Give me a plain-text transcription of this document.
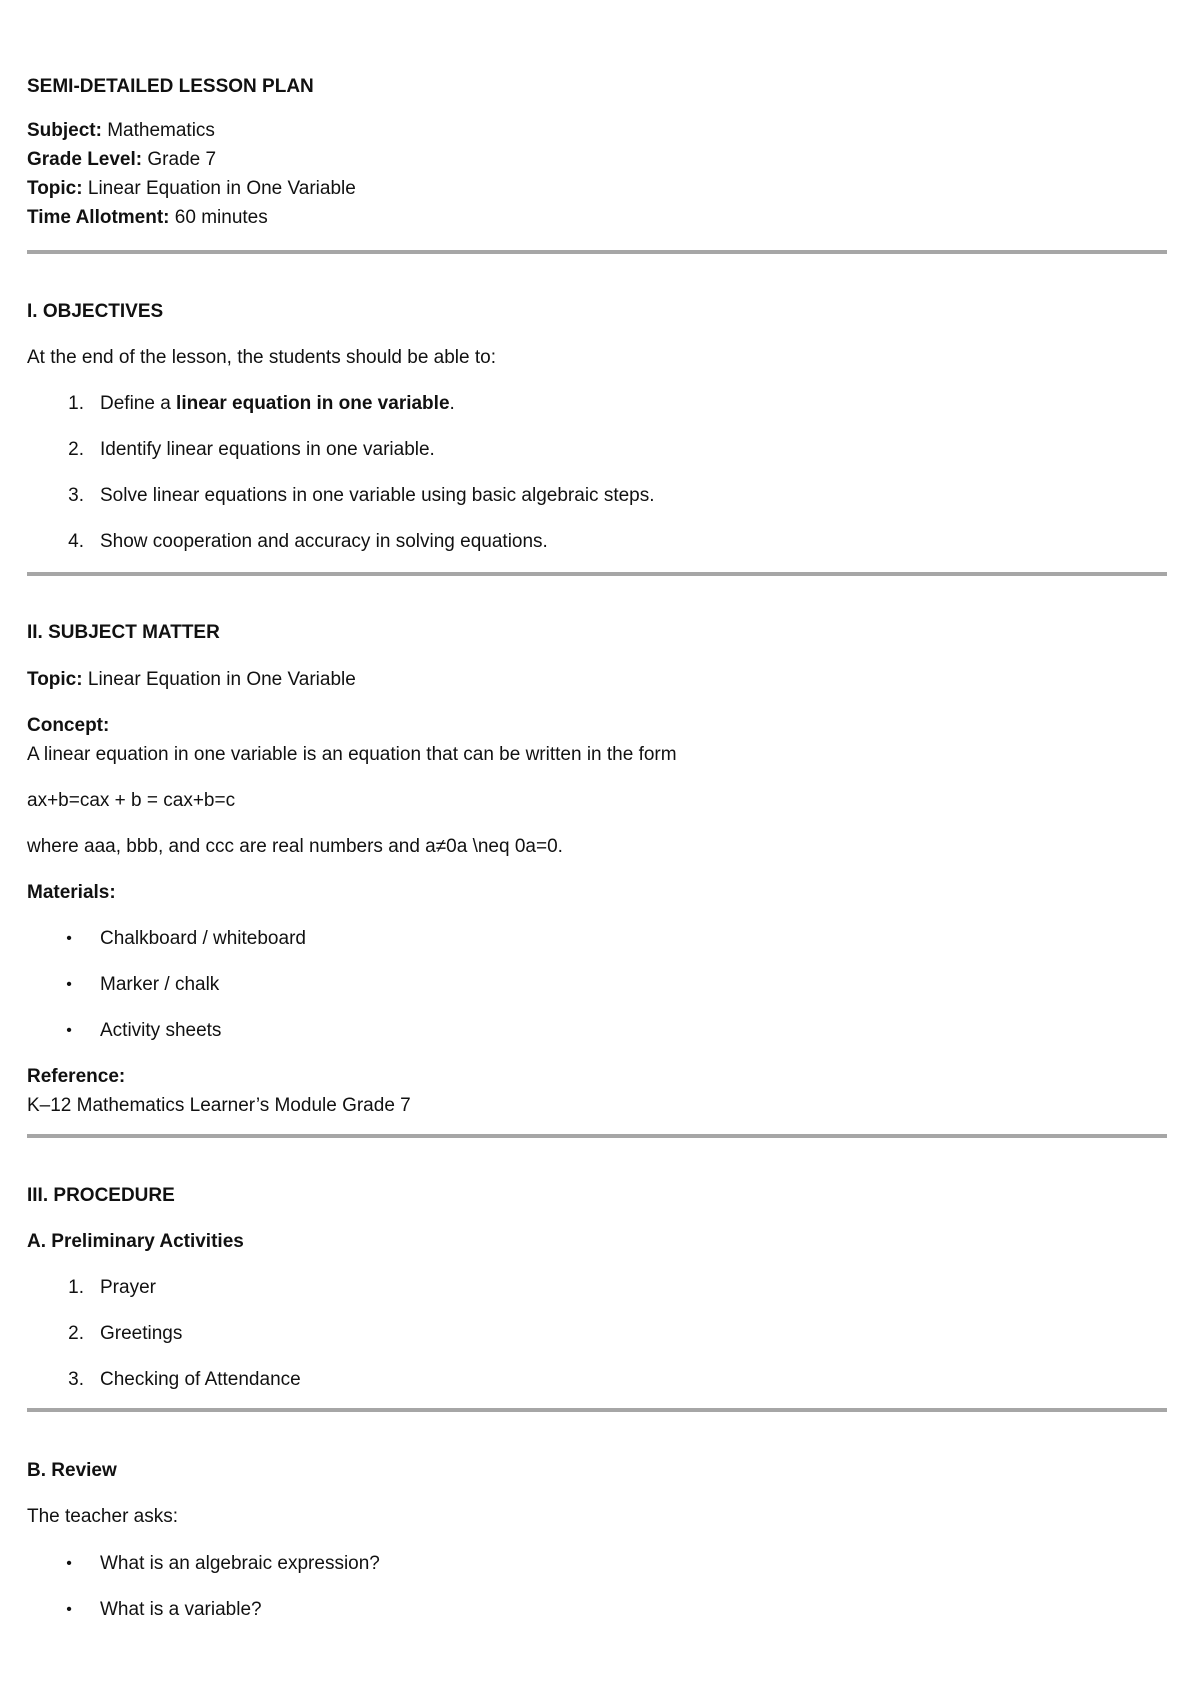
SEMI-DETAILED LESSON PLAN
Subject: Mathematics
Grade Level: Grade 7
Topic: Linear Equation in One Variable
Time Allotment: 60 minutes
I. OBJECTIVES
At the end of the lesson, the students should be able to:
1. Define a linear equation in one variable.
2. Identify linear equations in one variable.
3. Solve linear equations in one variable using basic algebraic steps.
4. Show cooperation and accuracy in solving equations.
II. SUBJECT MATTER
Topic: Linear Equation in One Variable
Concept:
A linear equation in one variable is an equation that can be written in the form
ax+b=cax + b = cax+b=c
where aaa, bbb, and ccc are real numbers and a≠0a \neq 0a=0.
Materials:
• Chalkboard / whiteboard
• Marker / chalk
• Activity sheets
Reference:
K–12 Mathematics Learner’s Module Grade 7
III. PROCEDURE
A. Preliminary Activities
1. Prayer
2. Greetings
3. Checking of Attendance
B. Review
The teacher asks:
• What is an algebraic expression?
• What is a variable?
